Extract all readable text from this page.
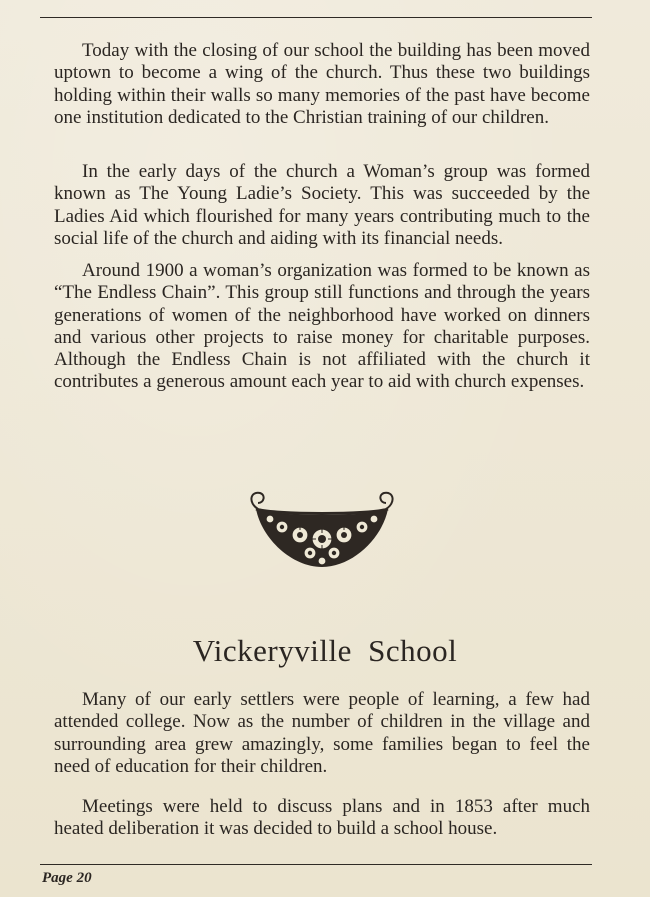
Today with the closing of our school the building has been moved uptown to become a wing of the church. Thus these two buildings holding within their walls so many memories of the past have become one institution dedicated to the Christian training of our children.

In the early days of the church a Woman’s group was formed known as The Young Ladie’s Society. This was succeeded by the Ladies Aid which flourished for many years contributing much to the social life of the church and aiding with its financial needs.

Around 1900 a woman’s organization was formed to be known as “The Endless Chain”. This group still functions and through the years generations of women of the neighborhood have worked on dinners and various other projects to raise money for charitable purposes. Although the Endless Chain is not affiliated with the church it contributes a generous amount each year to aid with church expenses.

Vickeryville School

Many of our early settlers were people of learning, a few had attended college. Now as the number of children in the village and surrounding area grew amazingly, some families began to feel the need of education for their children.

Meetings were held to discuss plans and in 1853 after much heated deliberation it was decided to build a school house.

Page 20
